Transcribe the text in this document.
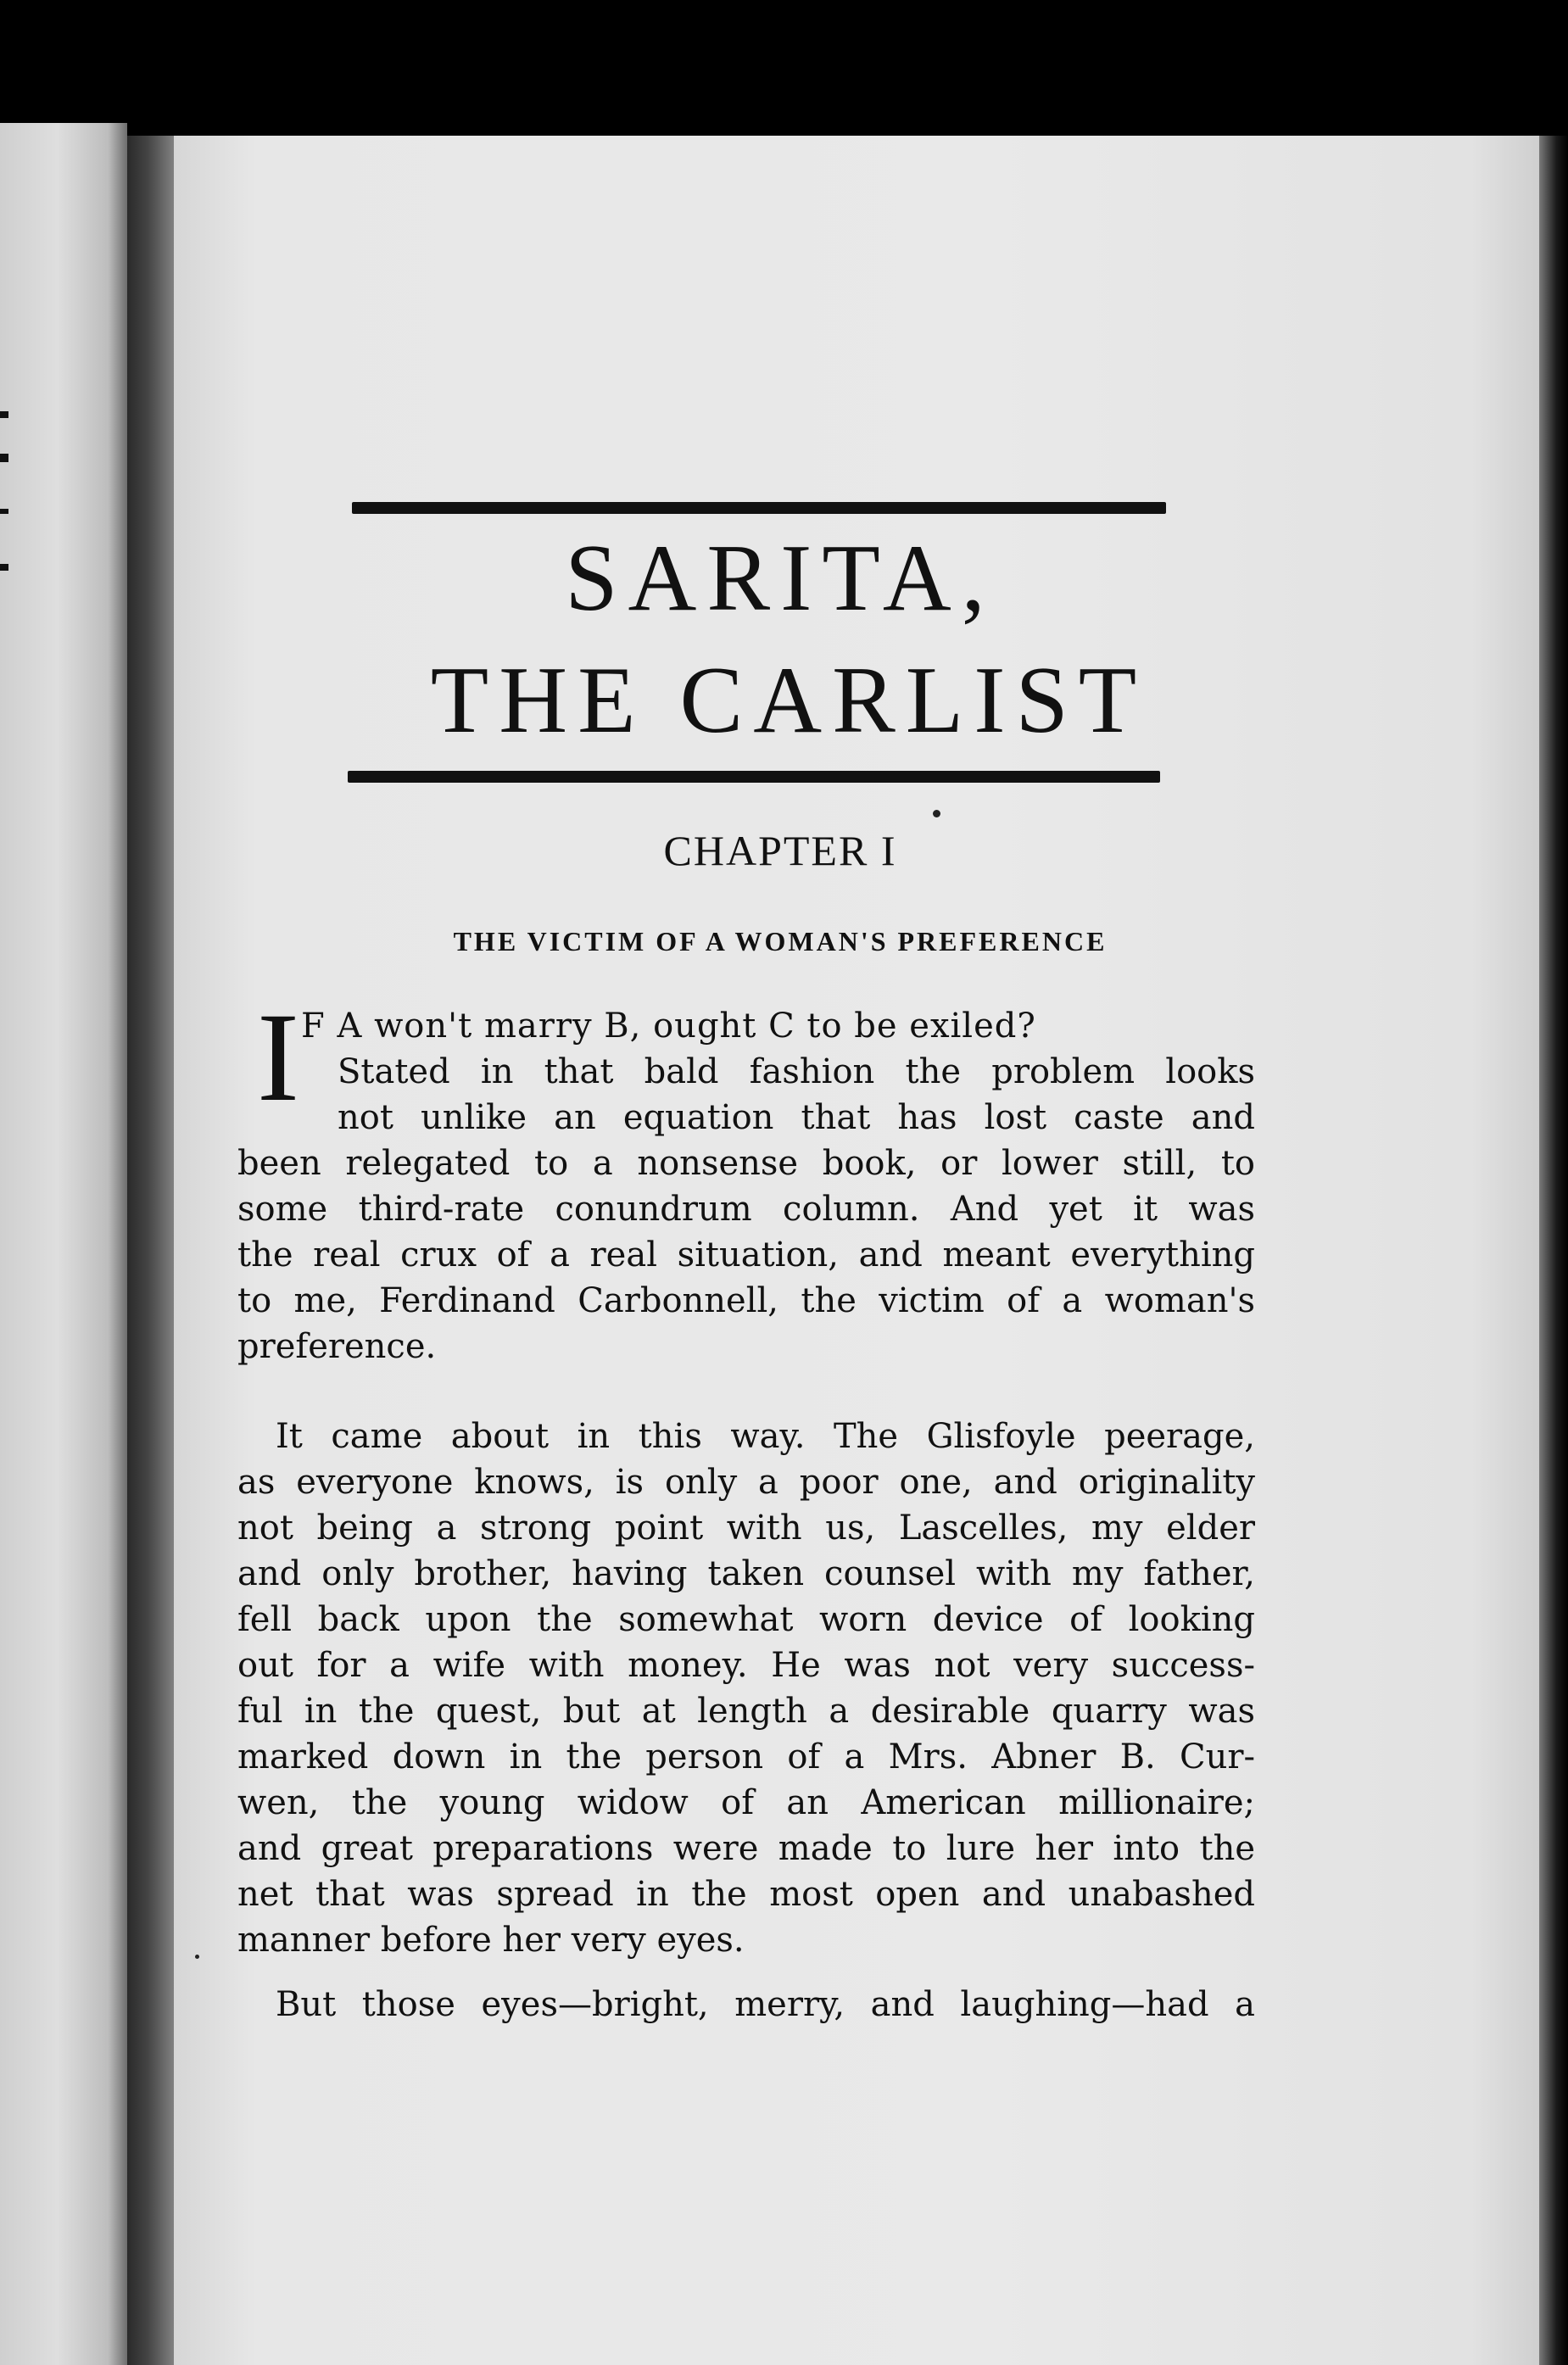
SARITA,
THE CARLIST
CHAPTER I
THE VICTIM OF A WOMAN'S PREFERENCE
I F A won't marry B, ought C to be exiled?
Stated in that bald fashion the problem looks
not unlike an equation that has lost caste and
been relegated to a nonsense book, or lower still, to
some third-rate conundrum column. And yet it was
the real crux of a real situation, and meant everything
to me, Ferdinand Carbonnell, the victim of a woman's
preference.
It came about in this way. The Glisfoyle peerage,
as everyone knows, is only a poor one, and originality
not being a strong point with us, Lascelles, my elder
and only brother, having taken counsel with my father,
fell back upon the somewhat worn device of looking
out for a wife with money. He was not very success-
ful in the quest, but at length a desirable quarry was
marked down in the person of a Mrs. Abner B. Cur-
wen, the young widow of an American millionaire;
and great preparations were made to lure her into the
net that was spread in the most open and unabashed
manner before her very eyes.
But those eyes—bright, merry, and laughing—had a
